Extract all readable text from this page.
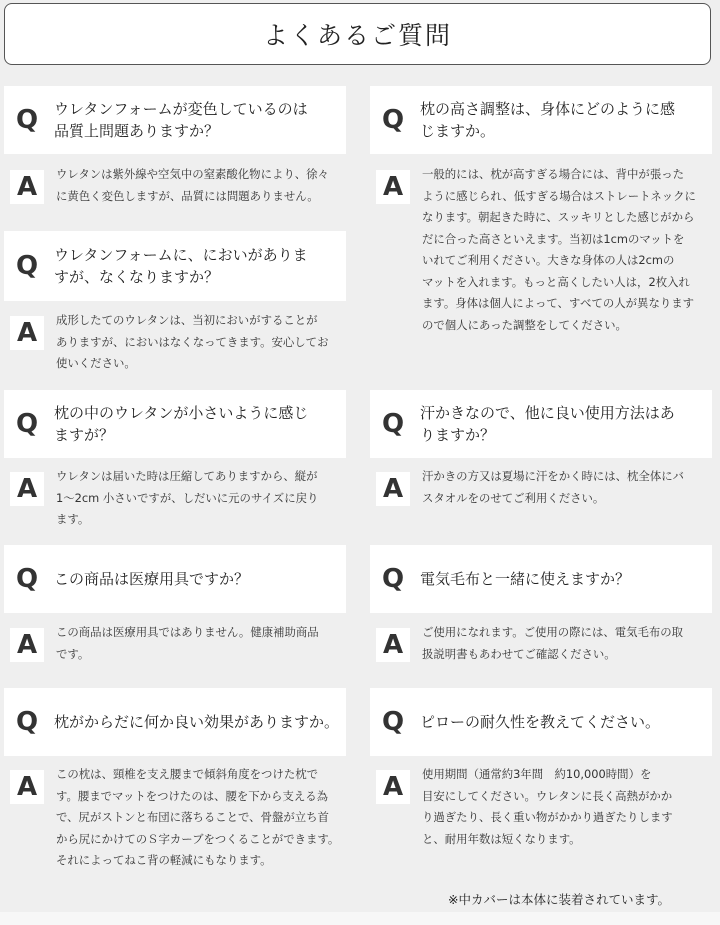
よくあるご質問
Q	ウレタンフォームが変色しているのは
品質上問題ありますか？
A	ウレタンは紫外線や空気中の窒素酸化物により、徐々
に黄色く変色しますが、品質には問題ありません。
Q	ウレタンフォームに、においがありま
すが、なくなりますか？
A	成形したてのウレタンは、当初においがすることが
ありますが、においはなくなってきます。安心してお
使いください。
Q	枕の中のウレタンが小さいように感じ
ますが？
A	ウレタンは届いた時は圧縮してありますから、縦が
1～2cm 小さいですが、しだいに元のサイズに戻り
ます。
Q	この商品は医療用具ですか？
A	この商品は医療用具ではありません。健康補助商品
です。
Q	枕がからだに何か良い効果がありますか。
A	この枕は、頸椎を支え腰まで傾斜角度をつけた枕で
す。腰までマットをつけたのは、腰を下から支える為
で、尻がストンと布団に落ちることで、骨盤が立ち首
から尻にかけてのＳ字カーブをつくることができます。
それによってねこ背の軽減にもなります。
Q	枕の高さ調整は、身体にどのように感
じますか。
A	一般的には、枕が高すぎる場合には、背中が張った
ように感じられ、低すぎる場合はストレートネックに
なります。朝起きた時に、スッキリとした感じがから
だに合った高さといえます。当初は1cmのマットを
いれてご利用ください。大きな身体の人は2cmの
マットを入れます。もっと高くしたい人は，2枚入れ
ます。身体は個人によって、すべての人が異なります
ので個人にあった調整をしてください。
Q	汗かきなので、他に良い使用方法はあ
りますか？
A	汗かきの方又は夏場に汗をかく時には、枕全体にバ
スタオルをのせてご利用ください。
Q	電気毛布と一緒に使えますか？
A	ご使用になれます。ご使用の際には、電気毛布の取
扱説明書もあわせてご確認ください。
Q	ピローの耐久性を教えてください。
A	使用期間（通常約3年間　約10,000時間）を
目安にしてください。ウレタンに長く高熱がかか
り過ぎたり、長く重い物がかかり過ぎたりします
と、耐用年数は短くなります。
※中カバーは本体に装着されています。
